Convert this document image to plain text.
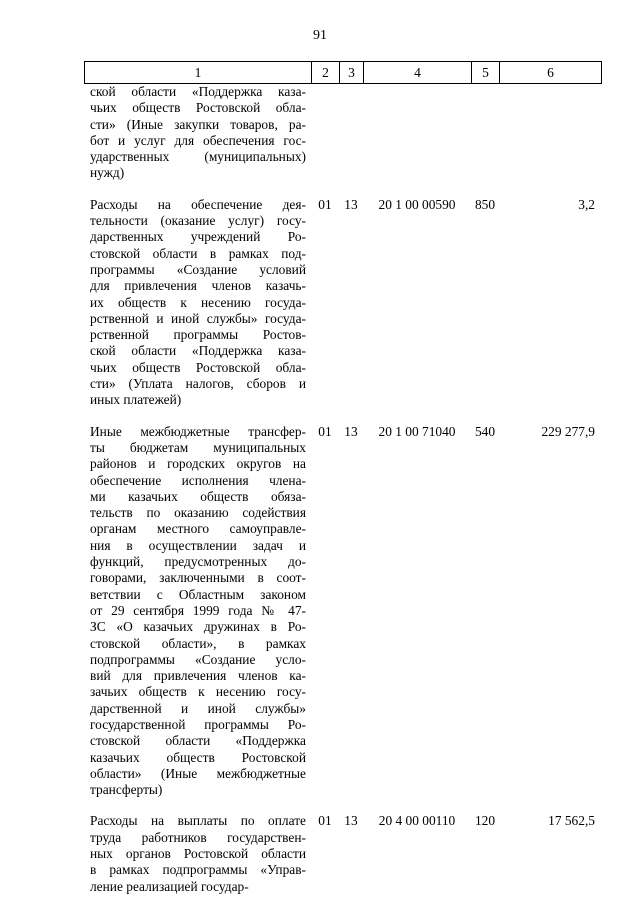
91
1	2	3	4	5	6
ской области «Поддержка каза-
чьих обществ Ростовской обла-
сти» (Иные закупки товаров, ра-
бот и услуг для обеспечения гос-
ударственных (муниципальных)
нужд)
Расходы на обеспечение дея-
тельности (оказание услуг) госу-
дарственных учреждений Ро-
стовской области в рамках под-
программы «Создание условий
для привлечения членов казачь-
их обществ к несению госуда-
рственной и иной службы» госуда-
рственной программы Ростов-
ской области «Поддержка каза-
чьих обществ Ростовской обла-
сти» (Уплата налогов, сборов и
иных платежей)
01 13	20 1 00 00590	850	3,2
Иные межбюджетные трансфер-
ты бюджетам муниципальных
районов и городских округов на
обеспечение исполнения члена-
ми казачьих обществ обяза-
тельств по оказанию содействия
органам местного самоуправле-
ния в осуществлении задач и
функций, предусмотренных до-
говорами, заключенными в соот-
ветствии с Областным законом
от 29 сентября 1999 года № 47-
ЗС «О казачьих дружинах в Ро-
стовской области», в рамках
подпрограммы «Создание усло-
вий для привлечения членов ка-
зачьих обществ к несению госу-
дарственной и иной службы»
государственной программы Ро-
стовской области «Поддержка
казачьих обществ Ростовской
области» (Иные межбюджетные
трансферты)
01 13	20 1 00 71040	540	229 277,9
Расходы на выплаты по оплате
труда работников государствен-
ных органов Ростовской области
в рамках подпрограммы «Управ-
ление реализацией государ-
01 13	20 4 00 00110	120	17 562,5
